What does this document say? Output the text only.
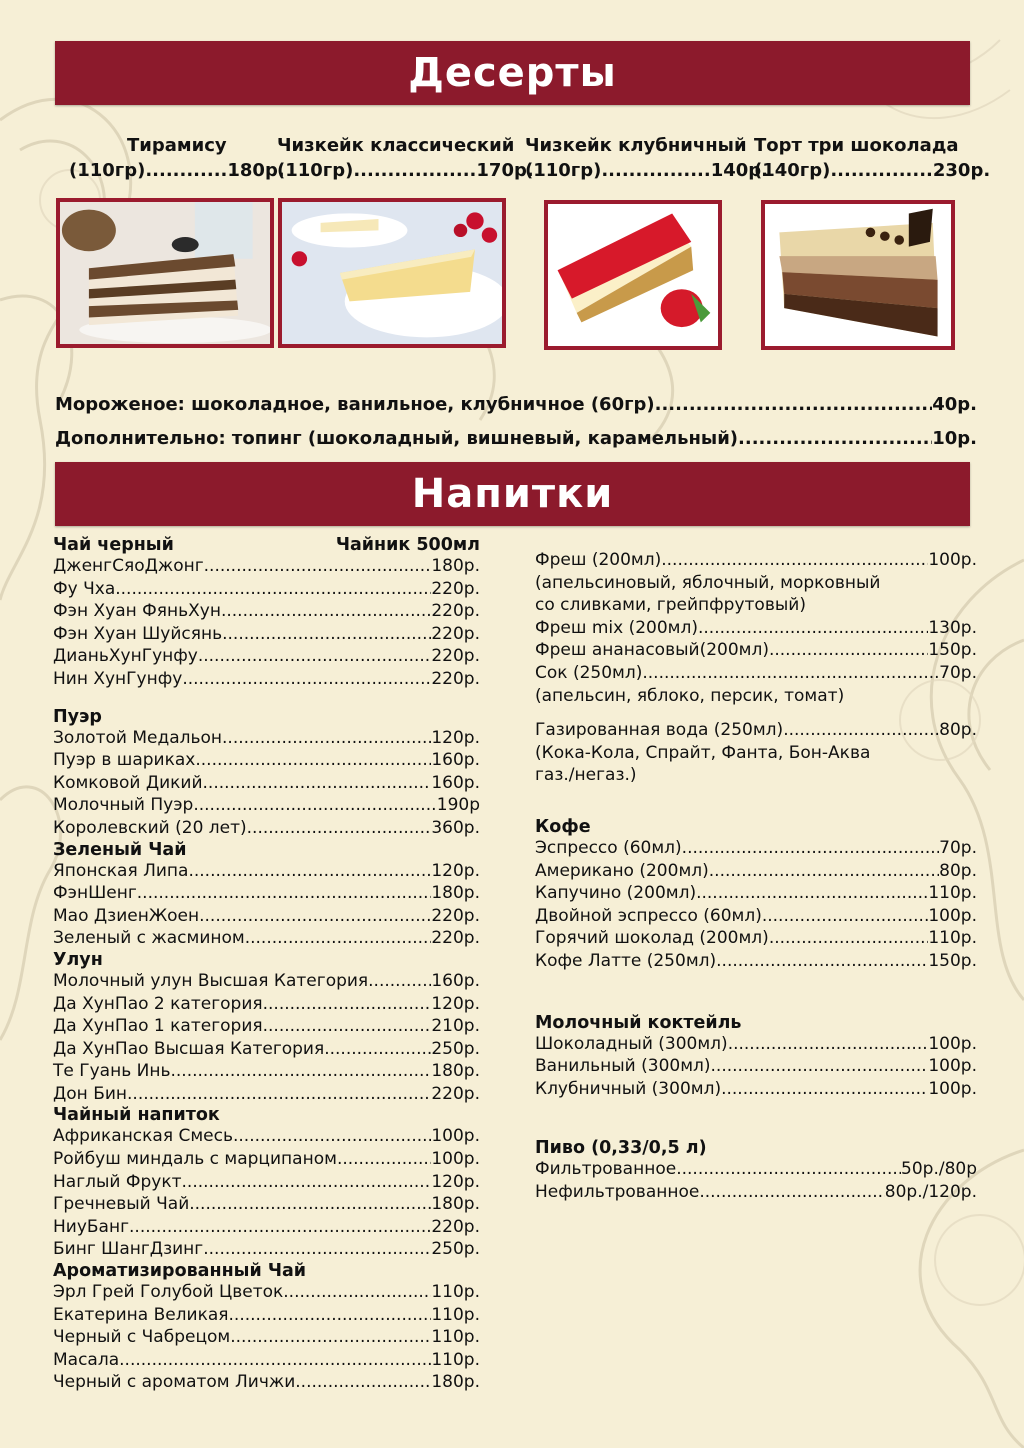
Десерты
Тирамису
(110гр)............180р.
Чизкейк классический
(110гр)..................170р.
Чизкейк клубничный
(110гр)................140р.
Торт три шоколада
(140гр)...............230р.
Мороженое: шоколадное, ванильное, клубничное (60гр) .....	40р.
Дополнительно: топинг (шоколадный, вишневый, карамельный) .....	10р.
Напитки
Чай черный	Чайник 500мл
ДженгСяоДжонг .....	180р.
Фу Чха .....	220р.
Фэн Хуан ФяньХун .....	220р.
Фэн Хуан Шуйсянь .....	220р.
ДианьХунГунфу .....	220р.
Нин ХунГунфу .....	220р.
Пуэр
Золотой Медальон .....	120р.
Пуэр в шариках .....	160р.
Комковой Дикий .....	160р.
Молочный Пуэр .....	190р
Королевский (20 лет) .....	360р.
Зеленый Чай
Японская Липа .....	120р.
ФэнШенг .....	180р.
Мао ДзиенЖоен .....	220р.
Зеленый с жасмином .....	220р.
Улун
Молочный улун Высшая Категория .....	160р.
Да ХунПао 2 категория .....	120р.
Да ХунПао 1 категория .....	210р.
Да ХунПао Высшая Категория .....	250р.
Те Гуань Инь .....	180р.
Дон Бин .....	220р.
Чайный напиток
Африканская Смесь .....	100р.
Ройбуш миндаль с марципаном .....	100р.
Наглый Фрукт .....	120р.
Гречневый Чай .....	180р.
НиуБанг .....	220р.
Бинг ШангДзинг .....	250р.
Ароматизированный Чай
Эрл Грей Голубой Цветок .....	110р.
Екатерина Великая .....	110р.
Черный с Чабрецом .....	110р.
Масала .....	110р.
Черный с ароматом Личжи .....	180р.
Фреш (200мл) .....	100р.
(апельсиновый, яблочный, морковный
со сливками, грейпфрутовый)
Фреш mix (200мл) .....	130р.
Фреш ананасовый(200мл) .....	150р.
Сок (250мл) .....	70р.
(апельсин, яблоко, персик, томат)
Газированная вода (250мл) .....	80р.
(Кока-Кола, Спрайт, Фанта, Бон-Аква
газ./негаз.)
Кофе
Эспрессо (60мл) .....	70р.
Американо (200мл) .....	80р.
Капучино (200мл) .....	110р.
Двойной эспрессо (60мл) .....	100р.
Горячий шоколад (200мл) .....	110р.
Кофе Латте (250мл) .....	150р.
Молочный коктейль
Шоколадный (300мл) .....	100р.
Ванильный (300мл) .....	100р.
Клубничный (300мл) .....	100р.
Пиво (0,33/0,5 л)
Фильтрованное .....	50р./80р
Нефильтрованное .....	80р./120р.
